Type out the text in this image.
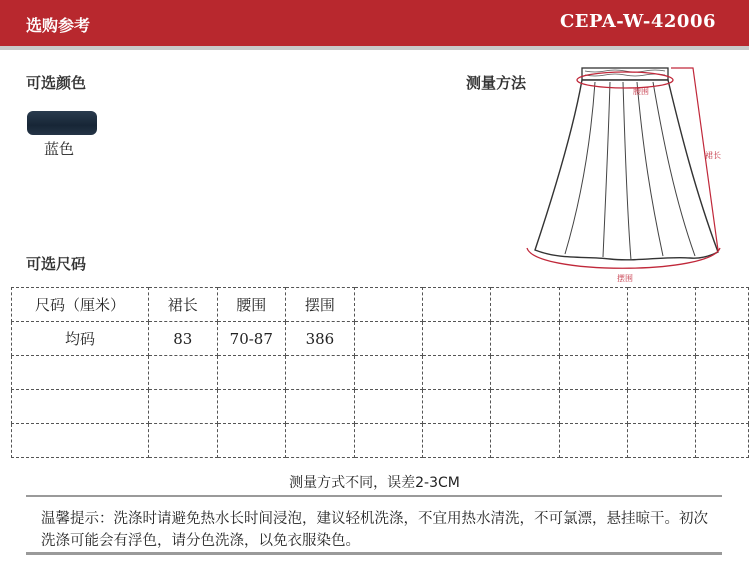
选购参考	CEPA-W-42006
可选颜色
蓝色
测量方法	腰围
裙长
摆围
可选尺码
尺码（厘米）	裙长	腰围	摆围						
均码	83	70-87	386						

测量方式不同，误差2-3CM
温馨提示：洗涤时请避免热水长时间浸泡，建议轻机洗涤，不宜用热水清洗，不可氯漂，悬挂晾干。初次洗涤可能会有浮色，请分色洗涤，以免衣服染色。
